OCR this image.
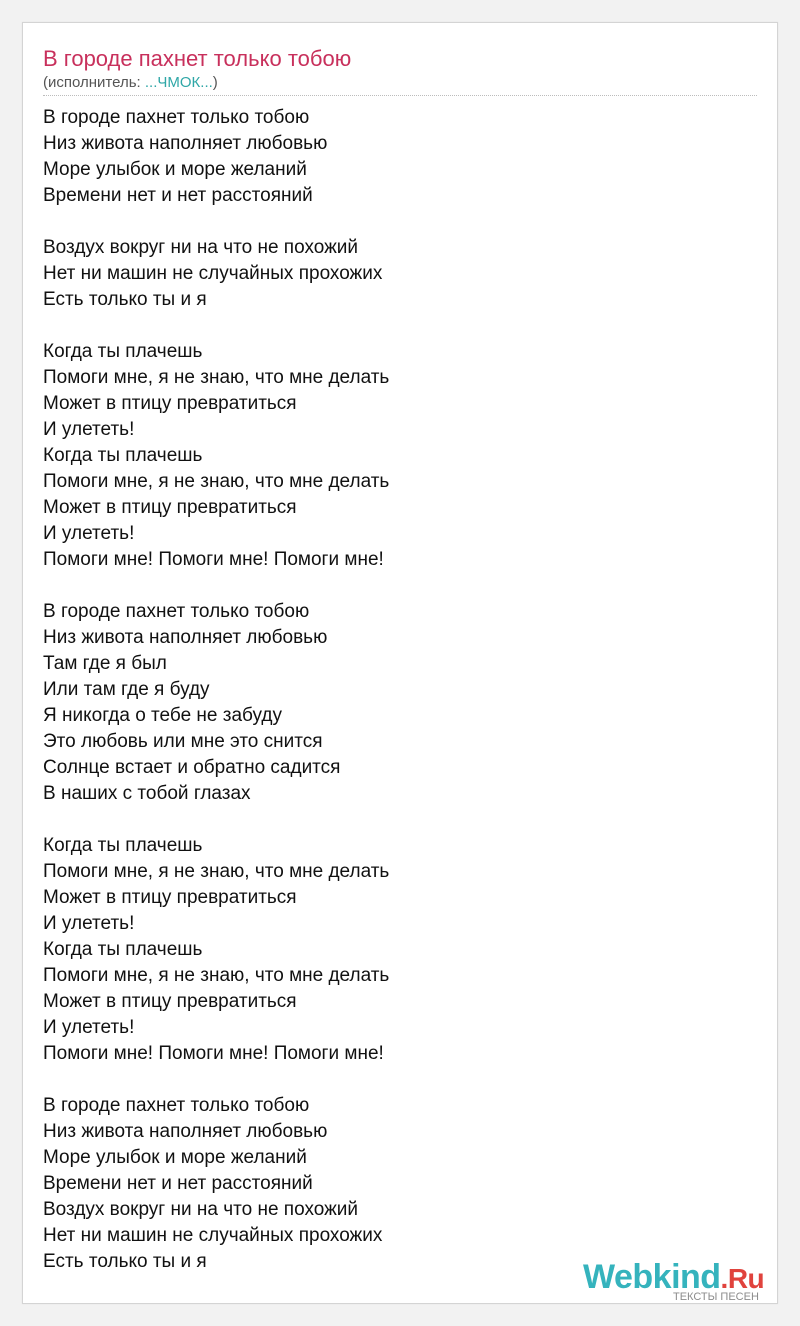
В городе пахнет только тобою
(исполнитель: ...ЧМОК...)
В городе пахнет только тобою
Низ живота наполняет любовью
Море улыбок и море желаний
Времени нет и нет расстояний
Воздух вокруг ни на что не похожий
Нет ни машин не случайных прохожих
Есть только ты и я
Когда ты плачешь
Помоги мне, я не знаю, что мне делать
Может в птицу превратиться
И улететь!
Когда ты плачешь
Помоги мне, я не знаю, что мне делать
Может в птицу превратиться
И улететь!
Помоги мне! Помоги мне! Помоги мне!
В городе пахнет только тобою
Низ живота наполняет любовью
Там где я был
Или там где я буду
Я никогда о тебе не забуду
Это любовь или мне это снится
Солнце встает и обратно садится
В наших с тобой глазах
Когда ты плачешь
Помоги мне, я не знаю, что мне делать
Может в птицу превратиться
И улететь!
Когда ты плачешь
Помоги мне, я не знаю, что мне делать
Может в птицу превратиться
И улететь!
Помоги мне! Помоги мне! Помоги мне!
В городе пахнет только тобою
Низ живота наполняет любовью
Море улыбок и море желаний
Времени нет и нет расстояний
Воздух вокруг ни на что не похожий
Нет ни машин не случайных прохожих
Есть только ты и я	Webkind.Ru
ТЕКСТЫ ПЕСЕН
